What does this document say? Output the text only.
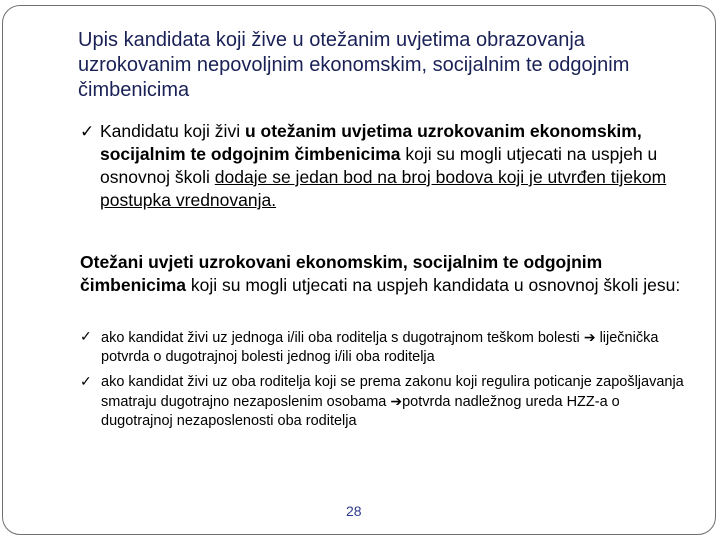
Upis kandidata koji žive u otežanim uvjetima obrazovanja uzrokovanim nepovoljnim ekonomskim, socijalnim te odgojnim čimbenicima
✓ Kandidatu koji živi u otežanim uvjetima uzrokovanim ekonomskim, socijalnim te odgojnim čimbenicima koji su mogli utjecati na uspjeh u osnovnoj školi dodaje se jedan bod na broj bodova koji je utvrđen tijekom postupka vrednovanja.
Otežani uvjeti uzrokovani ekonomskim, socijalnim te odgojnim čimbenicima koji su mogli utjecati na uspjeh kandidata u osnovnoj školi jesu:
✓ ako kandidat živi uz jednoga i/ili oba roditelja s dugotrajnom teškom bolesti ➔ liječnička potvrda o dugotrajnoj bolesti jednog i/ili oba roditelja
✓ ako kandidat živi uz oba roditelja koji se prema zakonu koji regulira poticanje zapošljavanja smatraju dugotrajno nezaposlenim osobama ➔potvrda nadležnog ureda HZZ-a o dugotrajnoj nezaposlenosti oba roditelja
28
